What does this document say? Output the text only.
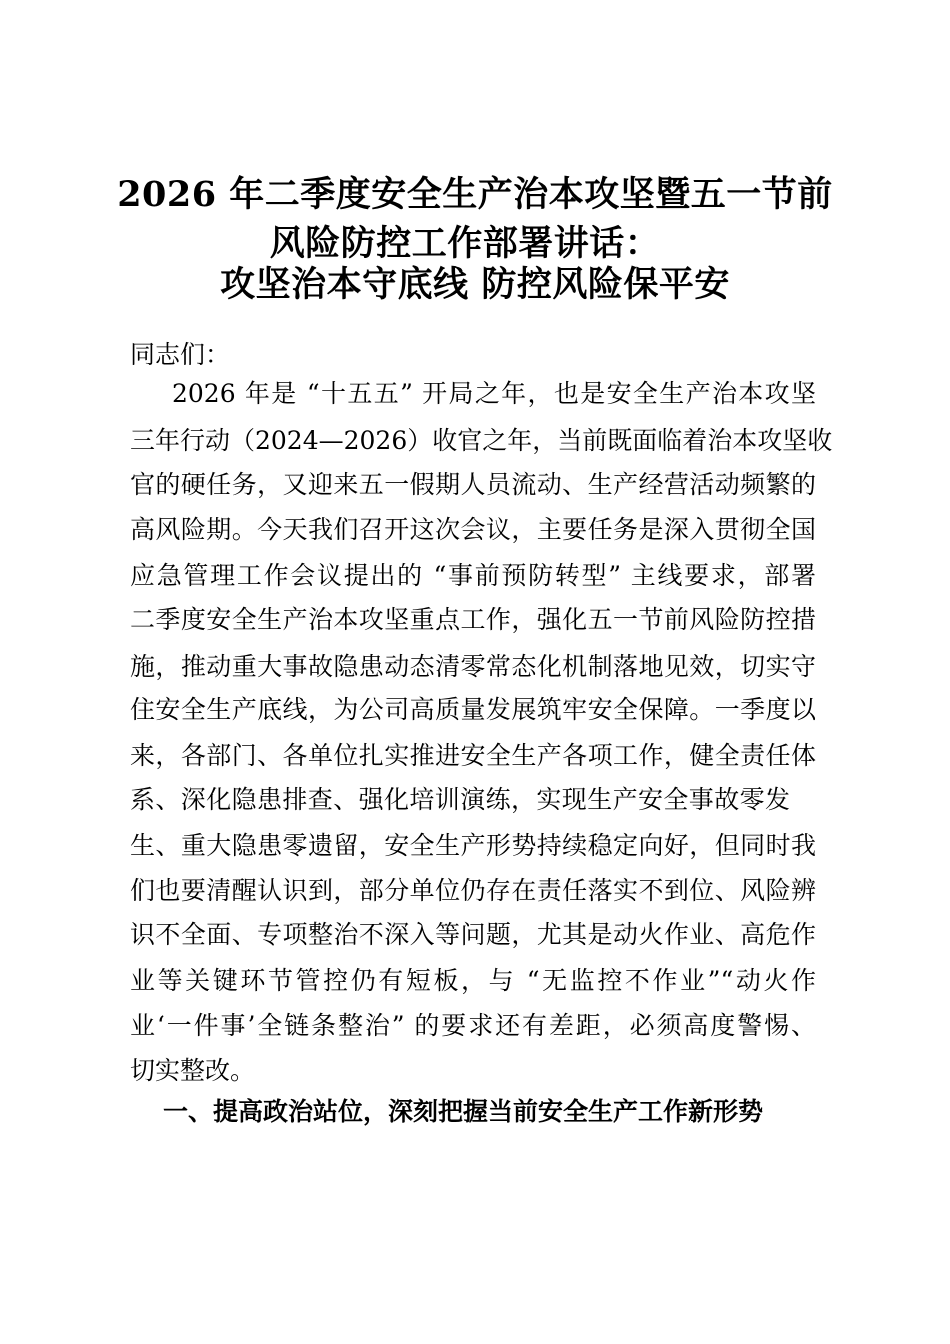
2026 年二季度安全生产治本攻坚暨五一节前
风险防控工作部署讲话：
攻坚治本守底线 防控风险保平安
同志们：
2026 年是 “十五五” 开局之年，也是安全生产治本攻坚
三年行动（2024—2026）收官之年，当前既面临着治本攻坚收
官的硬任务，又迎来五一假期人员流动、生产经营活动频繁的
高风险期。今天我们召开这次会议，主要任务是深入贯彻全国
应急管理工作会议提出的 “事前预防转型” 主线要求，部署
二季度安全生产治本攻坚重点工作，强化五一节前风险防控措
施，推动重大事故隐患动态清零常态化机制落地见效，切实守
住安全生产底线，为公司高质量发展筑牢安全保障。一季度以
来，各部门、各单位扎实推进安全生产各项工作，健全责任体
系、深化隐患排查、强化培训演练，实现生产安全事故零发
生、重大隐患零遗留，安全生产形势持续稳定向好，但同时我
们也要清醒认识到，部分单位仍存在责任落实不到位、风险辨
识不全面、专项整治不深入等问题，尤其是动火作业、高危作
业等关键环节管控仍有短板，与 “无监控不作业”“动火作
业‘一件事’全链条整治” 的要求还有差距，必须高度警惕、
切实整改。
一、提高政治站位，深刻把握当前安全生产工作新形势
